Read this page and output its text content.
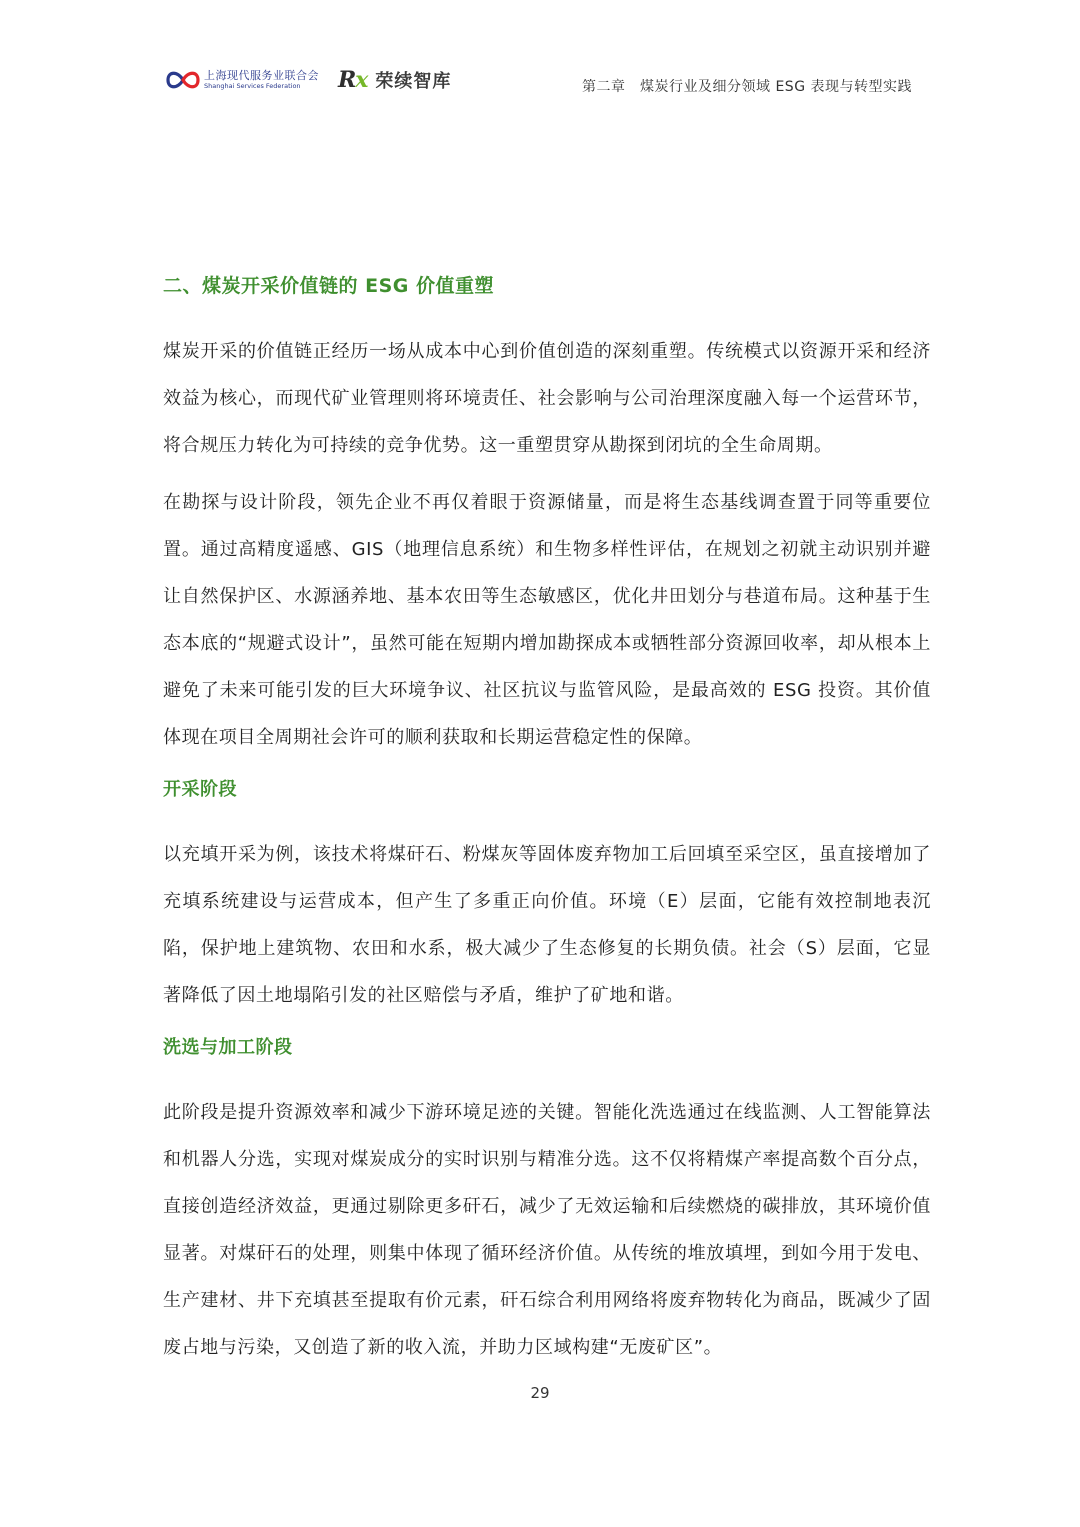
上海现代服务业联合会
Shanghai Services Federation	Rx 荣续智库	第二章　煤炭行业及细分领域 ESG 表现与转型实践
二、煤炭开采价值链的 ESG 价值重塑

煤炭开采的价值链正经历一场从成本中心到价值创造的深刻重塑。传统模式以资源开采和经济效益为核心，而现代矿业管理则将环境责任、社会影响与公司治理深度融入每一个运营环节，将合规压力转化为可持续的竞争优势。这一重塑贯穿从勘探到闭坑的全生命周期。

在勘探与设计阶段，领先企业不再仅着眼于资源储量，而是将生态基线调查置于同等重要位置。通过高精度遥感、GIS（地理信息系统）和生物多样性评估，在规划之初就主动识别并避让自然保护区、水源涵养地、基本农田等生态敏感区，优化井田划分与巷道布局。这种基于生态本底的“规避式设计”，虽然可能在短期内增加勘探成本或牺牲部分资源回收率，却从根本上避免了未来可能引发的巨大环境争议、社区抗议与监管风险，是最高效的 ESG 投资。其价值体现在项目全周期社会许可的顺利获取和长期运营稳定性的保障。

开采阶段

以充填开采为例，该技术将煤矸石、粉煤灰等固体废弃物加工后回填至采空区，虽直接增加了充填系统建设与运营成本，但产生了多重正向价值。环境（E）层面，它能有效控制地表沉陷，保护地上建筑物、农田和水系，极大减少了生态修复的长期负债。社会（S）层面，它显著降低了因土地塌陷引发的社区赔偿与矛盾，维护了矿地和谐。

洗选与加工阶段

此阶段是提升资源效率和减少下游环境足迹的关键。智能化洗选通过在线监测、人工智能算法和机器人分选，实现对煤炭成分的实时识别与精准分选。这不仅将精煤产率提高数个百分点，直接创造经济效益，更通过剔除更多矸石，减少了无效运输和后续燃烧的碳排放，其环境价值显著。对煤矸石的处理，则集中体现了循环经济价值。从传统的堆放填埋，到如今用于发电、生产建材、井下充填甚至提取有价元素，矸石综合利用网络将废弃物转化为商品，既减少了固废占地与污染，又创造了新的收入流，并助力区域构建“无废矿区”。

29
